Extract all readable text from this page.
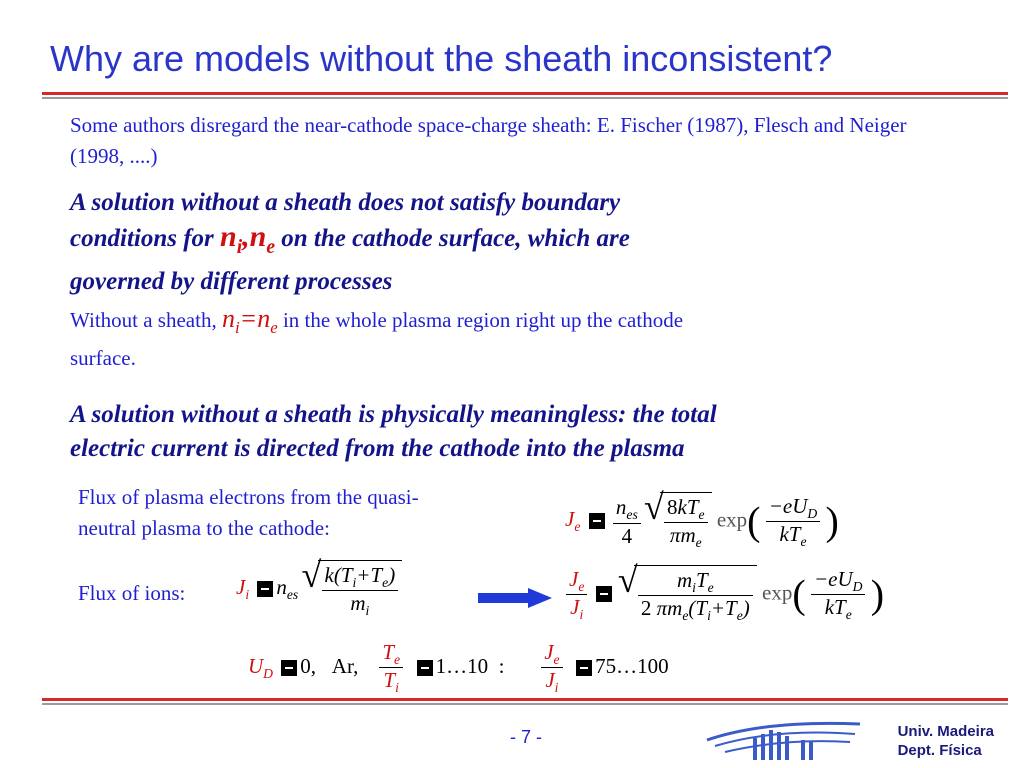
Why are models without the sheath inconsistent?
Some authors disregard the near-cathode space-charge sheath: E. Fischer (1987), Flesch and Neiger (1998, ....)
A solution without a sheath does not satisfy boundary
conditions for $n_i,n_e$ on the cathode surface, which are
governed by different processes
Without a sheath, $n_i=n_e$ in the whole plasma region right up the cathode
surface.
A solution without a sheath is physically meaningless: the total
electric current is directed from the cathode into the plasma
Flux of plasma electrons from the quasi-
neutral plasma to the cathode:	$J_e \frac{n_{es}}{4}$
√ $\frac{8kT_e}{\pi m_e} \exp( \frac{-eU_D}{kT_e}$ )
Flux of ions: $J_i$ $n_{es}$ √ $\frac{k(T_i+T_e)}{m_i}$	$\frac{J_e}{J_i}$
√ $\frac{m_iT_e}{2 \pi m_e(T_i+T_e)} \exp( \frac{-eU_D}{kT_e}$ )
$U_D$ 0, Ar, $\frac{T_e}{T_i}$ 1…10 : $\frac{J_e}{J_i}$ 75…100
- 7 -	Univ. Madeira
Dept. Física
